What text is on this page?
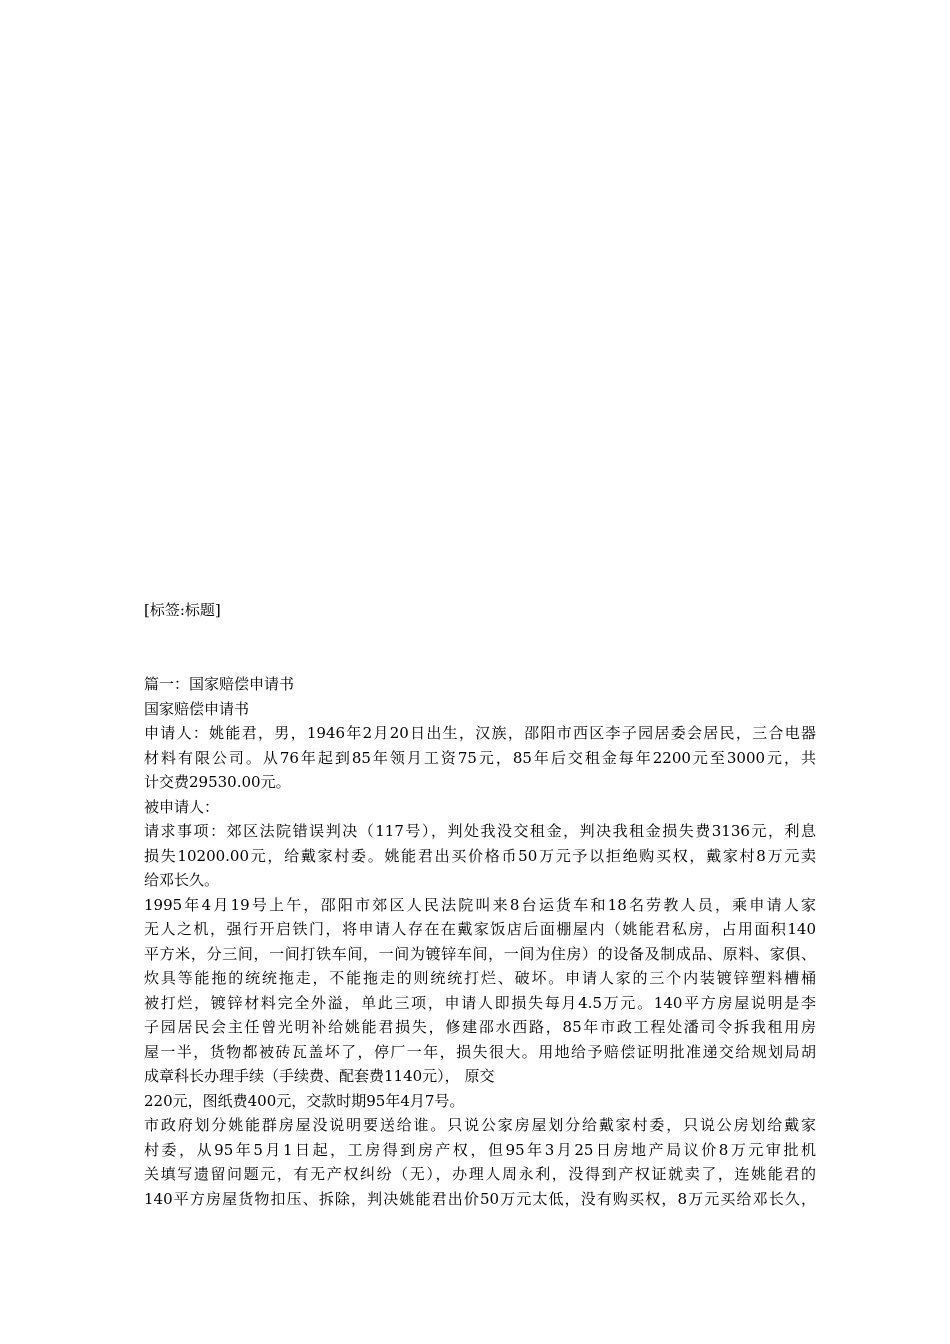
[标签:标题]

篇一：国家赔偿申请书

国家赔偿申请书

申请人：姚能君，男，1946年2月20日出生，汉族，邵阳市西区李子园居委会居民，三合电器

材料有限公司。从76年起到85年领月工资75元，85年后交租金每年2200元至3000元，共

计交费29530.00元。

被申请人：

请求事项：郊区法院错误判决（117号），判处我没交租金，判决我租金损失费3136元，利息

损失10200.00元，给戴家村委。姚能君出买价格币50万元予以拒绝购买权，戴家村8万元卖

给邓长久。

1995年4月19号上午，邵阳市郊区人民法院叫来8台运货车和18名劳教人员，乘申请人家

无人之机，强行开启铁门，将申请人存在在戴家饭店后面棚屋内（姚能君私房，占用面积140

平方米，分三间，一间打铁车间，一间为镀锌车间，一间为住房）的设备及制成品、原料、家俱、

炊具等能拖的统统拖走，不能拖走的则统统打烂、破坏。申请人家的三个内装镀锌塑料槽桶

被打烂，镀锌材料完全外溢，单此三项，申请人即损失每月4.5万元。140平方房屋说明是李

子园居民会主任曾光明补给姚能君损失，修建邵水西路，85年市政工程处潘司令拆我租用房

屋一半，货物都被砖瓦盖坏了，停厂一年，损失很大。用地给予赔偿证明批准递交给规划局胡

成章科长办理手续（手续费、配套费1140元）， 原交

220元，图纸费400元，交款时期95年4月7号。

市政府划分姚能群房屋没说明要送给谁。只说公家房屋划分给戴家村委，只说公房划给戴家

村委，从95年5月1日起，工房得到房产权，但95年3月25日房地产局议价8万元审批机

关填写遗留问题元，有无产权纠纷（无），办理人周永利，没得到产权证就卖了，连姚能君的

140平方房屋货物扣压、拆除，判决姚能君出价50万元太低，没有购买权，8万元买给邓长久，
